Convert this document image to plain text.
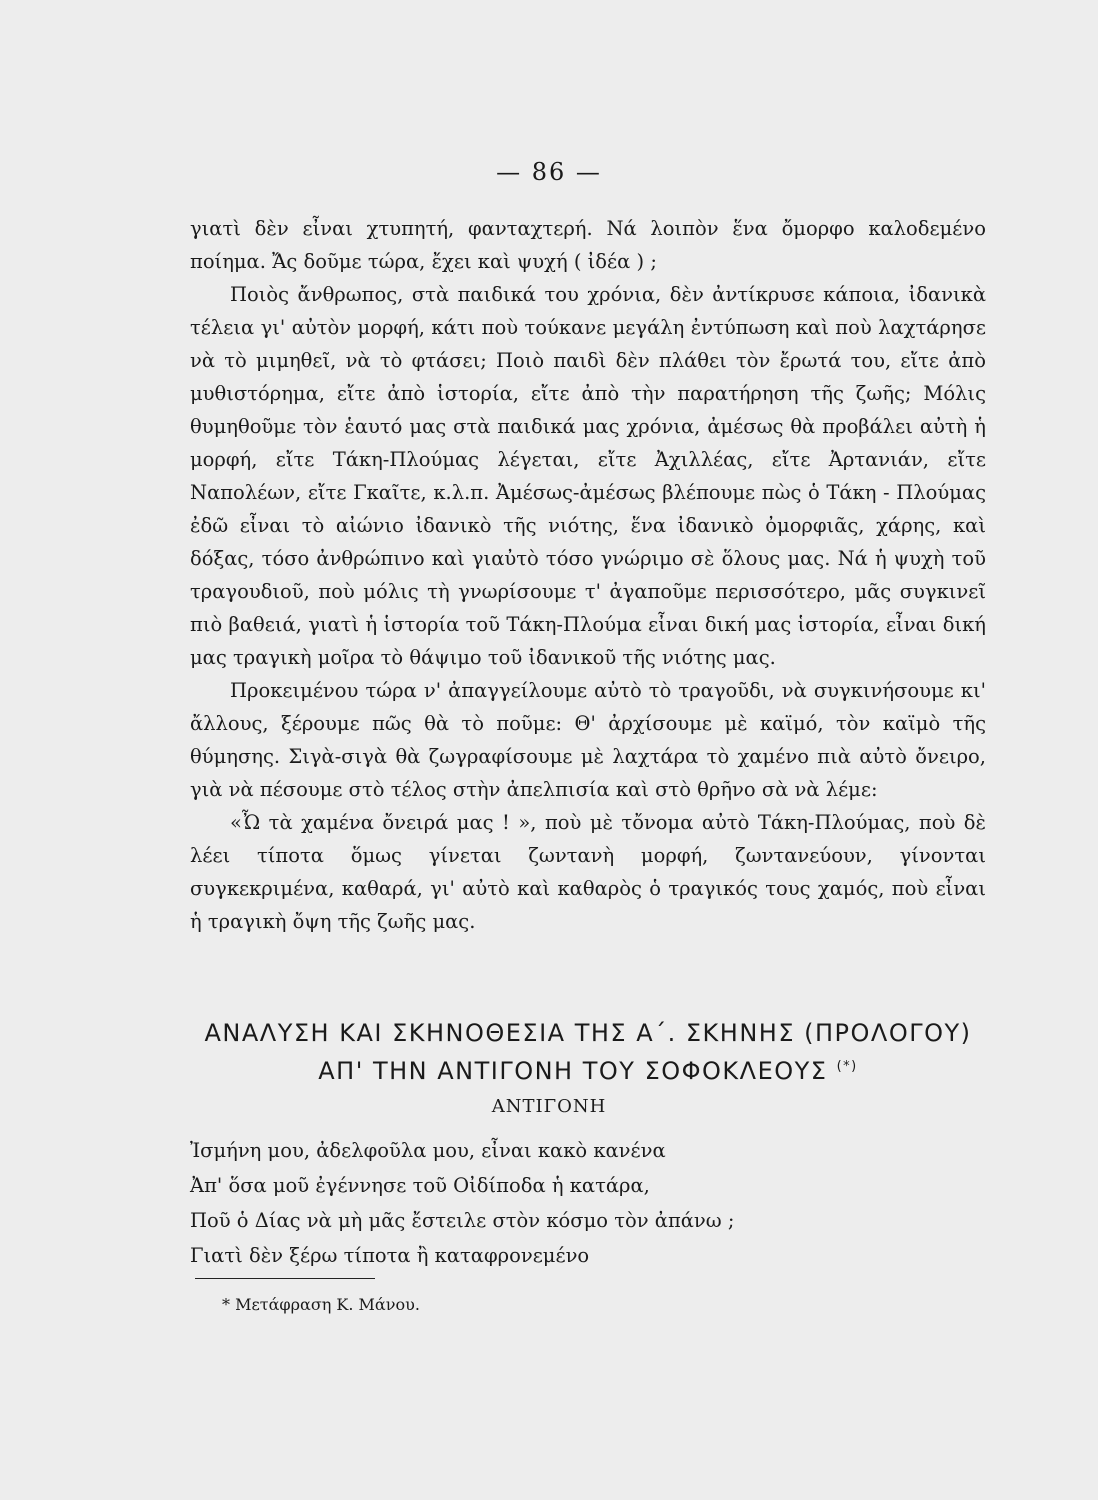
— 86 —

γιατὶ δὲν εἶναι χτυπητή, φανταχτερή. Νά λοιπὸν ἕνα ὄμορφο καλοδεμένο ποίημα. Ἄς δοῦμε τώρα, ἔχει καὶ ψυχή ( ἰδέα ) ;

Ποιὸς ἄνθρωπος, στὰ παιδικά του χρόνια, δὲν ἀντίκρυσε κάποια, ἰδανικὰ τέλεια γι' αὐτὸν μορφή, κάτι ποὺ τούκανε μεγάλη ἐντύπωση καὶ ποὺ λαχτάρησε νὰ τὸ μιμηθεῖ, νὰ τὸ φτάσει; Ποιὸ παιδὶ δὲν πλάθει τὸν ἔρωτά του, εἴτε ἀπὸ μυθιστόρημα, εἴτε ἀπὸ ἱστορία, εἴτε ἀπὸ τὴν παρατήρηση τῆς ζωῆς; Μόλις θυμηθοῦμε τὸν ἑαυτό μας στὰ παιδικά μας χρόνια, ἀμέσως θὰ προβάλει αὐτὴ ἡ μορφή, εἴτε Τάκη-Πλούμας λέγεται, εἴτε Ἀχιλλέας, εἴτε Ἀρτανιάν, εἴτε Ναπολέων, εἴτε Γκαῖτε, κ.λ.π. Ἀμέσως-ἀμέσως βλέπουμε πὼς ὁ Τάκη - Πλούμας ἐδῶ εἶναι τὸ αἰώνιο ἰδανικὸ τῆς νιότης, ἕνα ἰδανικὸ ὀμορφιᾶς, χάρης, καὶ δόξας, τόσο ἀνθρώπινο καὶ γιαὐτὸ τόσο γνώριμο σὲ ὅλους μας. Νά ἡ ψυχὴ τοῦ τραγουδιοῦ, ποὺ μόλις τὴ γνωρίσουμε τ' ἀγαποῦμε περισσότερο, μᾶς συγκινεῖ πιὸ βαθειά, γιατὶ ἡ ἱστορία τοῦ Τάκη-Πλούμα εἶναι δική μας ἱστορία, εἶναι δική μας τραγικὴ μοῖρα τὸ θάψιμο τοῦ ἰδανικοῦ τῆς νιότης μας.

Προκειμένου τώρα ν' ἀπαγγείλουμε αὐτὸ τὸ τραγοῦδι, νὰ συγκινήσουμε κι' ἄλλους, ξέρουμε πῶς θὰ τὸ ποῦμε: Θ' ἀρχίσουμε μὲ καϊμό, τὸν καϊμὸ τῆς θύμησης. Σιγὰ-σιγὰ θὰ ζωγραφίσουμε μὲ λαχτάρα τὸ χαμένο πιὰ αὐτὸ ὄνειρο, γιὰ νὰ πέσουμε στὸ τέλος στὴν ἀπελπισία καὶ στὸ θρῆνο σὰ νὰ λέμε:

«Ὦ τὰ χαμένα ὄνειρά μας ! », ποὺ μὲ τὄνομα αὐτὸ Τάκη-Πλούμας, ποὺ δὲ λέει τίποτα ὅμως γίνεται ζωντανὴ μορφή, ζωντανεύουν, γίνονται συγκεκριμένα, καθαρά, γι' αὐτὸ καὶ καθαρὸς ὁ τραγικός τους χαμός, ποὺ εἶναι ἡ τραγικὴ ὄψη τῆς ζωῆς μας.

ΑΝΑΛΥΣΗ ΚΑΙ ΣΚΗΝΟΘΕΣΙΑ ΤΗΣ Α΄. ΣΚΗΝΗΣ (ΠΡΟΛΟΓΟΥ) ΑΠ' ΤΗΝ ΑΝΤΙΓΟΝΗ ΤΟΥ ΣΟΦΟΚΛΕΟΥΣ (*)
ΑΝΤΙΓΟΝΗ
Ἰσμήνη μου, ἀδελφοῦλα μου, εἶναι κακὸ κανένα
Ἀπ' ὅσα μοῦ ἐγέννησε τοῦ Οἰδίποδα ἡ κατάρα,
Ποῦ ὁ Δίας νὰ μὴ μᾶς ἔστειλε στὸν κόσμο τὸν ἀπάνω ;
Γιατὶ δὲν ξέρω τίποτα ἢ καταφρονεμένο
* Μετάφραση Κ. Μάνου.
